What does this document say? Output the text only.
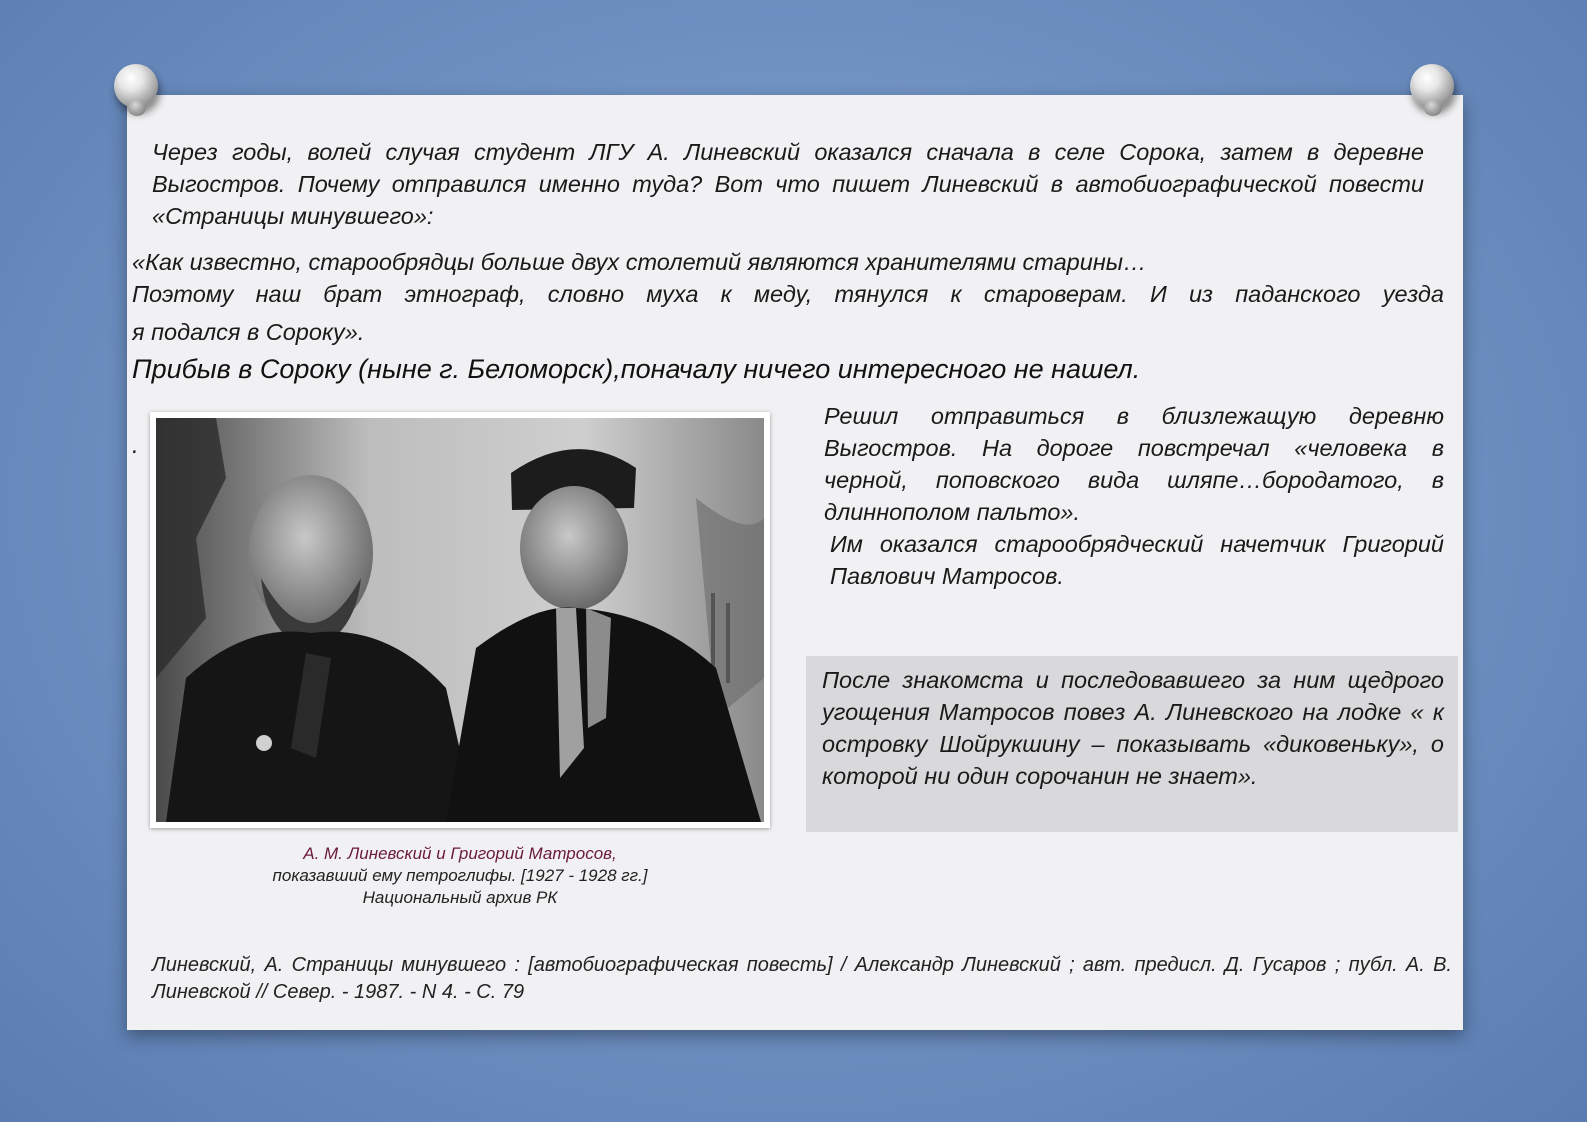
Через годы, волей случая студент ЛГУ А. Линевский оказался сначала в селе Сорока, затем в деревне Выгостров. Почему отправился именно туда? Вот что пишет Линевский в автобиографической повести «Страницы минувшего»:

«Как известно, старообрядцы больше двух столетий являются хранителями старины…
Поэтому наш брат этнограф, словно муха к меду, тянулся к староверам. И из паданского уезда
я подался в Сороку».

Прибыв в Сороку (ныне г. Беломорск),поначалу ничего интересного не нашел.

.
А. М. Линевский и Григорий Матросов,
показавший ему петроглифы. [1927 - 1928 гг.]
Национальный архив РК

Решил отправиться в близлежащую деревню Выгостров. На дороге повстречал «человека в черной, поповского вида шляпе…бородатого, в длиннополом пальто».
Им оказался старообрядческий начетчик Григорий Павлович Матросов.

После знакомста и последовавшего за ним щедрого угощения Матросов повез А. Линевского на лодке « к островку Шойрукшину – показывать «диковеньку», о которой ни один сорочанин не знает».

Линевский, А. Страницы минувшего : [автобиографическая повесть] / Александр Линевский ; авт. предисл. Д. Гусаров ; публ. А. В. Линевской // Север. - 1987. - N 4. - С. 79
